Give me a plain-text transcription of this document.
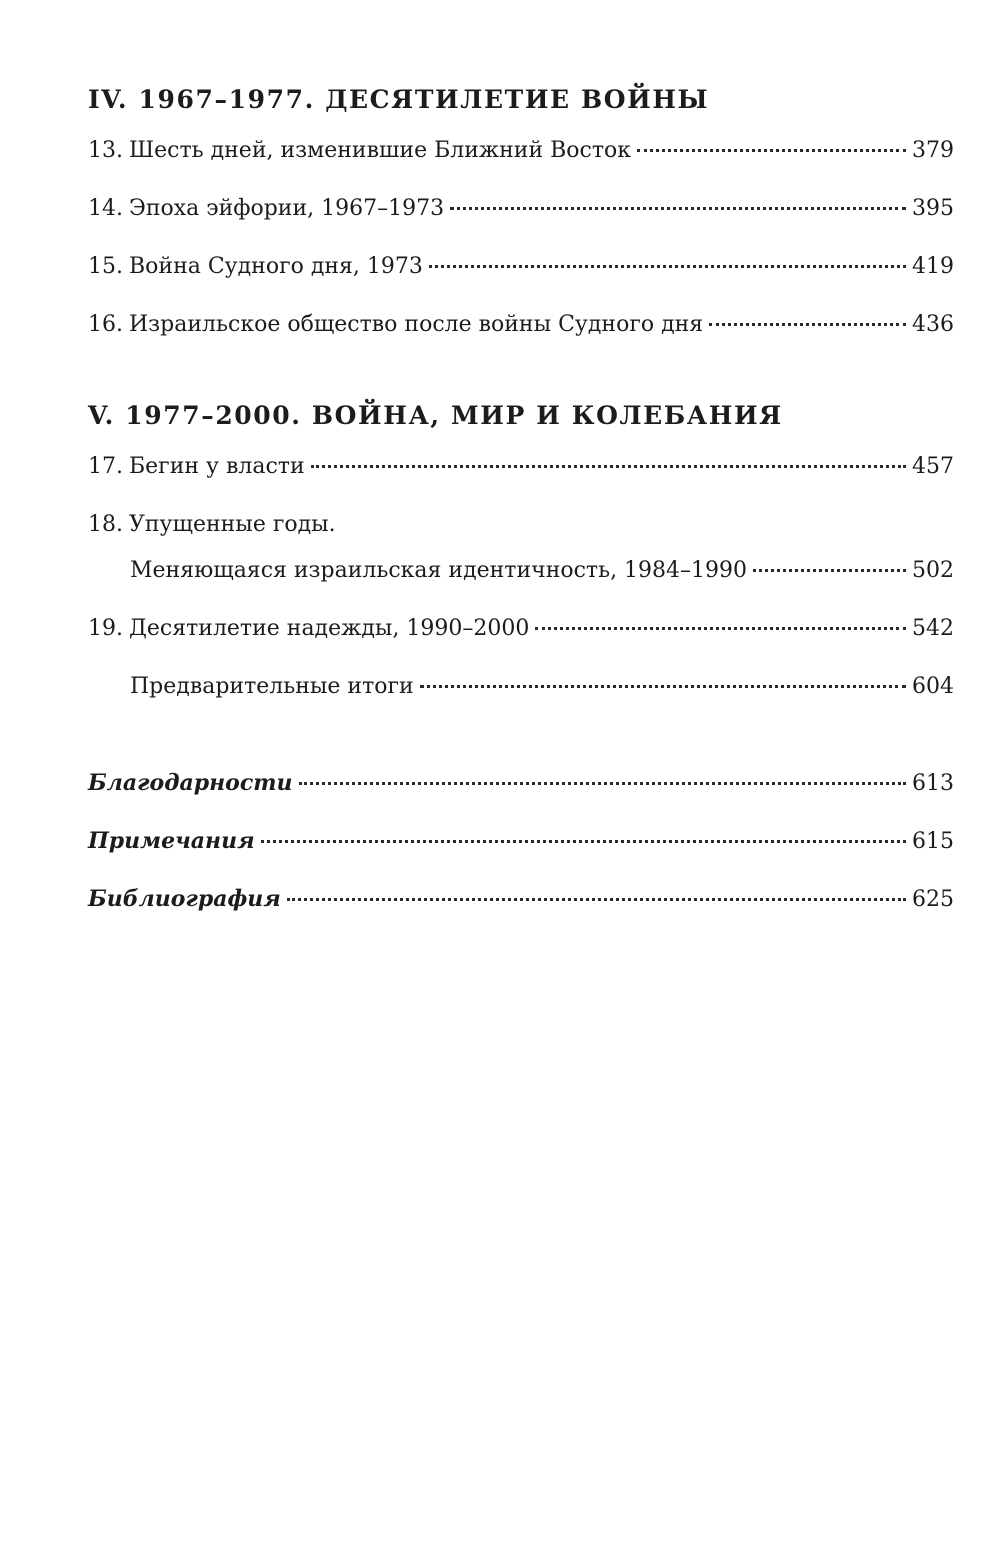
IV. 1967–1977. ДЕСЯТИЛЕТИЕ ВОЙНЫ
13. Шесть дней, изменившие Ближний Восток	379
14. Эпоха эйфории, 1967–1973	395
15. Война Судного дня, 1973	419
16. Израильское общество после войны Судного дня	436
V. 1977–2000. ВОЙНА, МИР И КОЛЕБАНИЯ
17. Бегин у власти	457
18. Упущенные годы.
Меняющаяся израильская идентичность, 1984–1990	502
19. Десятилетие надежды, 1990–2000	542
Предварительные итоги	604
Благодарности	613
Примечания	615
Библиография	625
